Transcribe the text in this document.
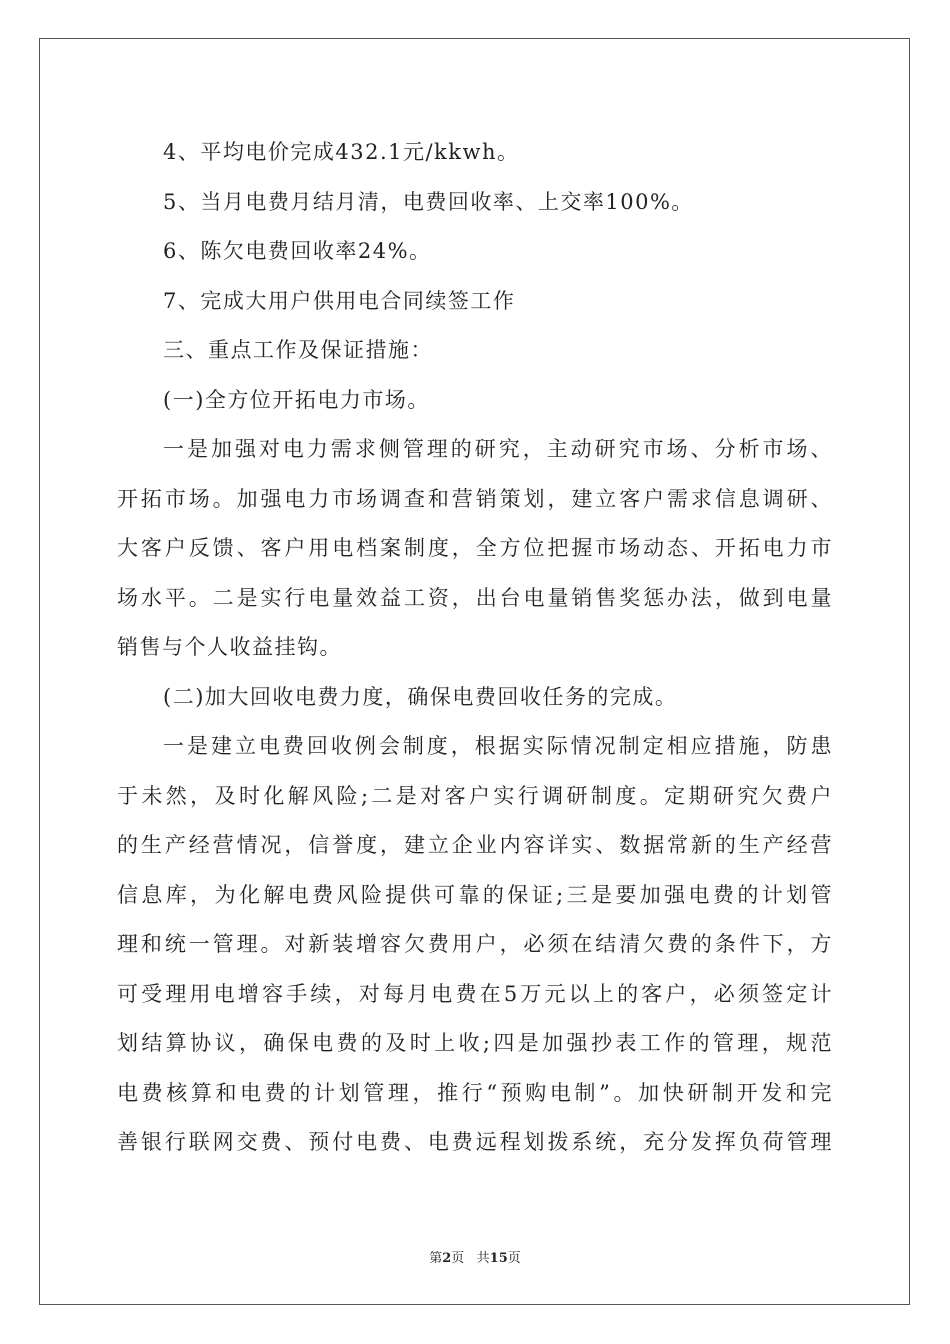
4、平均电价完成432.1元/kkwh。
5、当月电费月结月清，电费回收率、上交率100%。
6、陈欠电费回收率24%。
7、完成大用户供用电合同续签工作
三、重点工作及保证措施：
(一)全方位开拓电力市场。
一是加强对电力需求侧管理的研究，主动研究市场、分析市场、
开拓市场。加强电力市场调查和营销策划，建立客户需求信息调研、
大客户反馈、客户用电档案制度，全方位把握市场动态、开拓电力市
场水平。二是实行电量效益工资，出台电量销售奖惩办法，做到电量
销售与个人收益挂钩。
(二)加大回收电费力度，确保电费回收任务的完成。
一是建立电费回收例会制度，根据实际情况制定相应措施，防患
于未然，及时化解风险;二是对客户实行调研制度。定期研究欠费户
的生产经营情况，信誉度，建立企业内容详实、数据常新的生产经营
信息库，为化解电费风险提供可靠的保证;三是要加强电费的计划管
理和统一管理。对新装增容欠费用户，必须在结清欠费的条件下，方
可受理用电增容手续，对每月电费在5万元以上的客户，必须签定计
划结算协议，确保电费的及时上收;四是加强抄表工作的管理，规范
电费核算和电费的计划管理，推行“预购电制”。加快研制开发和完
善银行联网交费、预付电费、电费远程划拨系统，充分发挥负荷管理
第2页   共15页
